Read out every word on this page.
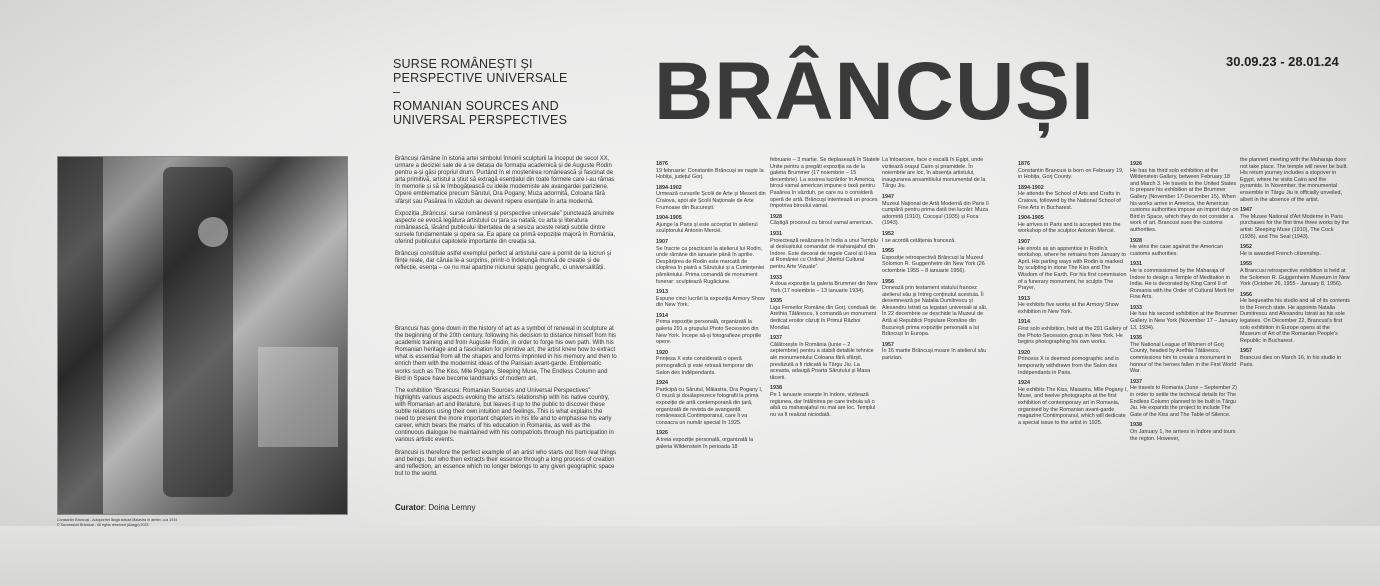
Constantin Brâncuși - Autoportret lângă statuia Maiastra în atelier, cca 1934
© Succession Brâncuși - All rights reserved (Adagp) 2023
SURSE ROMÂNEȘTI ȘI PERSPECTIVE UNIVERSALE
–
ROMANIAN SOURCES AND UNIVERSAL PERSPECTIVES	BRÂNCUȘI	30.09.23 - 28.01.24

Brâncuși rămâne în istoria artei simbolul înnoirii sculpturii la început de secol XX, urmare a deciziei sale de a se detașa de formația academică și de Auguste Rodin pentru a-și găsi propriul drum. Purtând în el moștenirea românească și fascinat de arta primitivă, artistul a știut să extragă esențialul din toate formele care i-au rămas în memorie și să le îmbogățească cu ideile moderniste ale avangardei pariziene. Opere emblematice precum Sărutul, Dra Pogany, Muza adormită, Coloana fără sfârșit sau Pasărea în văzduh au devenit repere esențiale în arta modernă.

Expoziția „Brâncuși: surse românești și perspective universale” punctează anumite aspecte ce evocă legătura artistului cu țara sa natală, cu arta și literatura românească, lăsând publicului libertatea de a sesiza aceste relații subtile dintre sursele fundamentale și opera sa. Ea apare ca primă expoziție majoră în România, oferind publicului capitolele importante din creația sa.

Brâncuși constituie astfel exemplul perfect al artistului care a pornit de la lucruri și ființe reale, dar căruia le-a surprins, printr-o îndelungă muncă de creație și de reflecție, esența – ce nu mai aparține niciunui spațiu geografic, ci universalității.

Brancusi has gone down in the history of art as a symbol of renewal in sculpture at the beginning of the 20th century, following his decision to distance himself from his academic training and from Auguste Rodin, in order to forge his own path. With his Romanian heritage and a fascination for primitive art, the artist knew how to extract what is essential from all the shapes and forms imprinted in his memory and then to enrich them with the modernist ideas of the Parisian avant-garde. Emblematic works such as The Kiss, Mlle Pogany, Sleeping Muse, The Endless Column and Bird in Space have become landmarks of modern art.

The exhibition “Brancusi: Romanian Sources and Universal Perspectives” highlights various aspects evoking the artist's relationship with his native country, with Romanian art and literature, but leaves it up to the public to discover these subtle relations using their own intuition and feelings. This is what explains the need to present the more important chapters in his life and to emphasise his early career, which bears the marks of his education in Romania, as well as the continuous dialogue he maintained with his compatriots through his participation in various artistic events.

Brancusi is therefore the perfect example of an artist who starts out from real things and beings, but who then extracts their essence through a long process of creation and reflection, an essence which no longer belongs to any given geographic space but to the world.

Curator: Doina Lemny
1876
19 februarie: Constantin Brâncuși se naște la Hobița, județul Gorj.
1894-1902
Urmează cursurile Școlii de Arte și Meserii din Craiova, apoi ale Școlii Naționale de Arte Frumoase din București.
1904-1905
Ajunge la Paris și este acceptat în atelierul sculptorului Antonin Mercié.
1907
Se înscrie ca practicant la atelierul lui Rodin, unde rămâne din ianuarie până în aprilie. Despărțirea de Rodin este marcată de cioplirea în piatră a Sărutului și a Cumințeniei pământului. Prima comandă de monument funerar: sculptează Rugăciune.
1913
Expune cinci lucrări la expoziția Armory Show din New York.
1914
Prima expoziție personală, organizată la galeria 291 a grupului Photo Secession din New York. Începe să-și fotografieze propriile opere.
1920
Prințesa X este considerată o operă pornografică și este retrasă temporar din Salon des Indépendants.
1924
Participă cu Sărutul, Măiastra, Dra Pogany I, O muză și douăsprezece fotografii la prima expoziție de artă contemporană din țară, organizată de revista de avangardă românească Contimporanul, care îi va consacra un număr special în 1925.
1926
A treia expoziție personală, organizată la galeria Wildenstein în perioada 18
februarie – 3 martie. Se deplasează în Statele Unite pentru a pregăti expoziția sa de la galeria Brummer (17 noiembrie – 15 decembrie). La sosirea lucrărilor în America, biroul vamal american impune o taxă pentru Pasărea în văzduh, pe care nu o consideră operă de artă. Brâncuși intentează un proces împotriva biroului vamal.
1928
Câștigă procesul cu biroul vamal american.
1931
Proiectează realizarea în India a unui Templu al deslușitului comandat de maharajahul din Indore. Este decorat de regele Carol al II-lea al României cu Ordinul „Meritul Cultural pentru Arte Vizuale”.
1933
A doua expoziție la galeria Brummer din New York (17 noiembrie – 13 ianuarie 1934).
1935
Liga Femeilor Române din Gorj, condusă de Arethia Tătărescu, îi comandă un monument dedicat eroilor căzuți în Primul Război Mondial.
1937
Călătorește în România (iunie – 2 septembrie) pentru a stabili detaliile tehnice ale monumentului Coloana fără sfârșit, prevăzută a fi ridicată la Târgu Jiu. La aceasta, adaugă Poarta Sărutului și Masa tăcerii.
1938
Pe 1 ianuarie sosește în Indore, vizitează regiunea, dar întâlnirea pe care trebuia să o aibă cu maharajahul nu mai are loc. Templul nu va fi realizat niciodată.
La întoarcere, face o escală în Egipt, unde vizitează orașul Cairo și piramidele. În noiembrie are loc, în absența artistului, inaugurarea ansamblului monumental de la Târgu Jiu.
1947
Muzeul Național de Artă Modernă din Paris îi cumpără pentru prima dată trei lucrări: Muza adormită (1910), Cocoșul (1935) și Foca (1943).
1952
I se acordă cetățenia franceză.
1955
Expoziție retrospectivă Brâncuși la Muzeul Solomon R. Guggenheim din New York (26 octombrie 1955 – 8 ianuarie 1956).
1956
Donează prin testament statului francez atelierul său și întreg conținutul acestuia. Îi desemnează pe Natalia Dumitrescu și Alexandru Istrati ca legatari universali ai săi. În 22 decembrie se deschide la Muzeul de Artă al Republicii Populare Române din București prima expoziție personală a lui Brâncuși în Europa.
1957
În 16 martie Brâncuși moare în atelierul său parizian.
1876
Constantin Brancusi is born on February 19, in Hobița, Gorj County.
1894-1902
He attends the School of Arts and Crafts in Craiova, followed by the National School of Fine Arts in Bucharest.
1904-1905
He arrives in Paris and is accepted into the workshop of the sculptor Antonin Mercié.
1907
He enrols as an apprentice in Rodin's workshop, where he remains from January to April. His parting ways with Rodin is marked by sculpting in stone The Kiss and The Wisdom of the Earth. For his first commission of a funerary monument, he sculpts The Prayer.
1913
He exhibits five works at the Armory Show exhibition in New York.
1914
First solo exhibition, held at the 291 Gallery of the Photo-Secession group in New York. He begins photographing his own works.
1920
Princess X is deemed pornographic and is temporarily withdrawn from the Salon des Indépendants in Paris.
1924
He exhibits The Kiss, Maiastra, Mlle Pogany I, Muse, and twelve photographs at the first exhibition of contemporary art in Romania, organised by the Romanian avant-garde magazine Contimporanul, which will dedicate a special issue to the artist in 1925.
1926
He has his third solo exhibition at the Wildenstein Gallery, between February 18 and March 3. He travels to the United States to prepare his exhibition at the Brummer Gallery (November 17-December 15). When his works arrive in America, the American customs authorities impose an import duty on Bird in Space, which they do not consider a work of art. Brancusi sues the customs authorities.
1928
He wins the case against the American customs authorities.
1931
He is commissioned by the Maharaja of Indore to design a Temple of Meditation in India. He is decorated by King Carol II of Romania with the Order of Cultural Merit for Fine Arts.
1933
He has his second exhibition at the Brummer Gallery in New York (November 17 – January 13, 1934).
1935
The National League of Women of Gorj County, headed by Arethia Tătărescu, commissions him to create a monument in honour of the heroes fallen in the First World War.
1937
He travels to Romania (June – September 2) in order to settle the technical details for The Endless Column planned to be built in Târgu Jiu. He expands the project to include The Gate of the Kiss and The Table of Silence.
1938
On January 1, he arrives in Indore and tours the region. However,
the planned meeting with the Maharaja does not take place. The temple will never be built. His return journey includes a stopover in Egypt, where he visits Cairo and the pyramids. In November, the monumental ensemble in Târgu Jiu is officially unveiled, albeit in the absence of the artist.
1947
The Musee National d'Art Moderne in Paris purchases for the first time three works by the artist: Sleeping Muse (1910), The Cock (1935), and The Seal (1943).
1952
He is awarded French citizenship.
1955
A Brancusi retrospective exhibition is held at the Solomon R. Guggenheim Museum in New York (October 26, 1955 - January 8, 1956).
1956
He bequeaths his studio and all of its contents to the French state. He appoints Natalia Dumitrescu and Alexandru Istrati as his sole legatees. On December 22, Brancusi's first solo exhibition in Europe opens at the Museum of Art of the Romanian People's Republic in Bucharest.
1957
Brancusi dies on March 16, in his studio in Paris.
